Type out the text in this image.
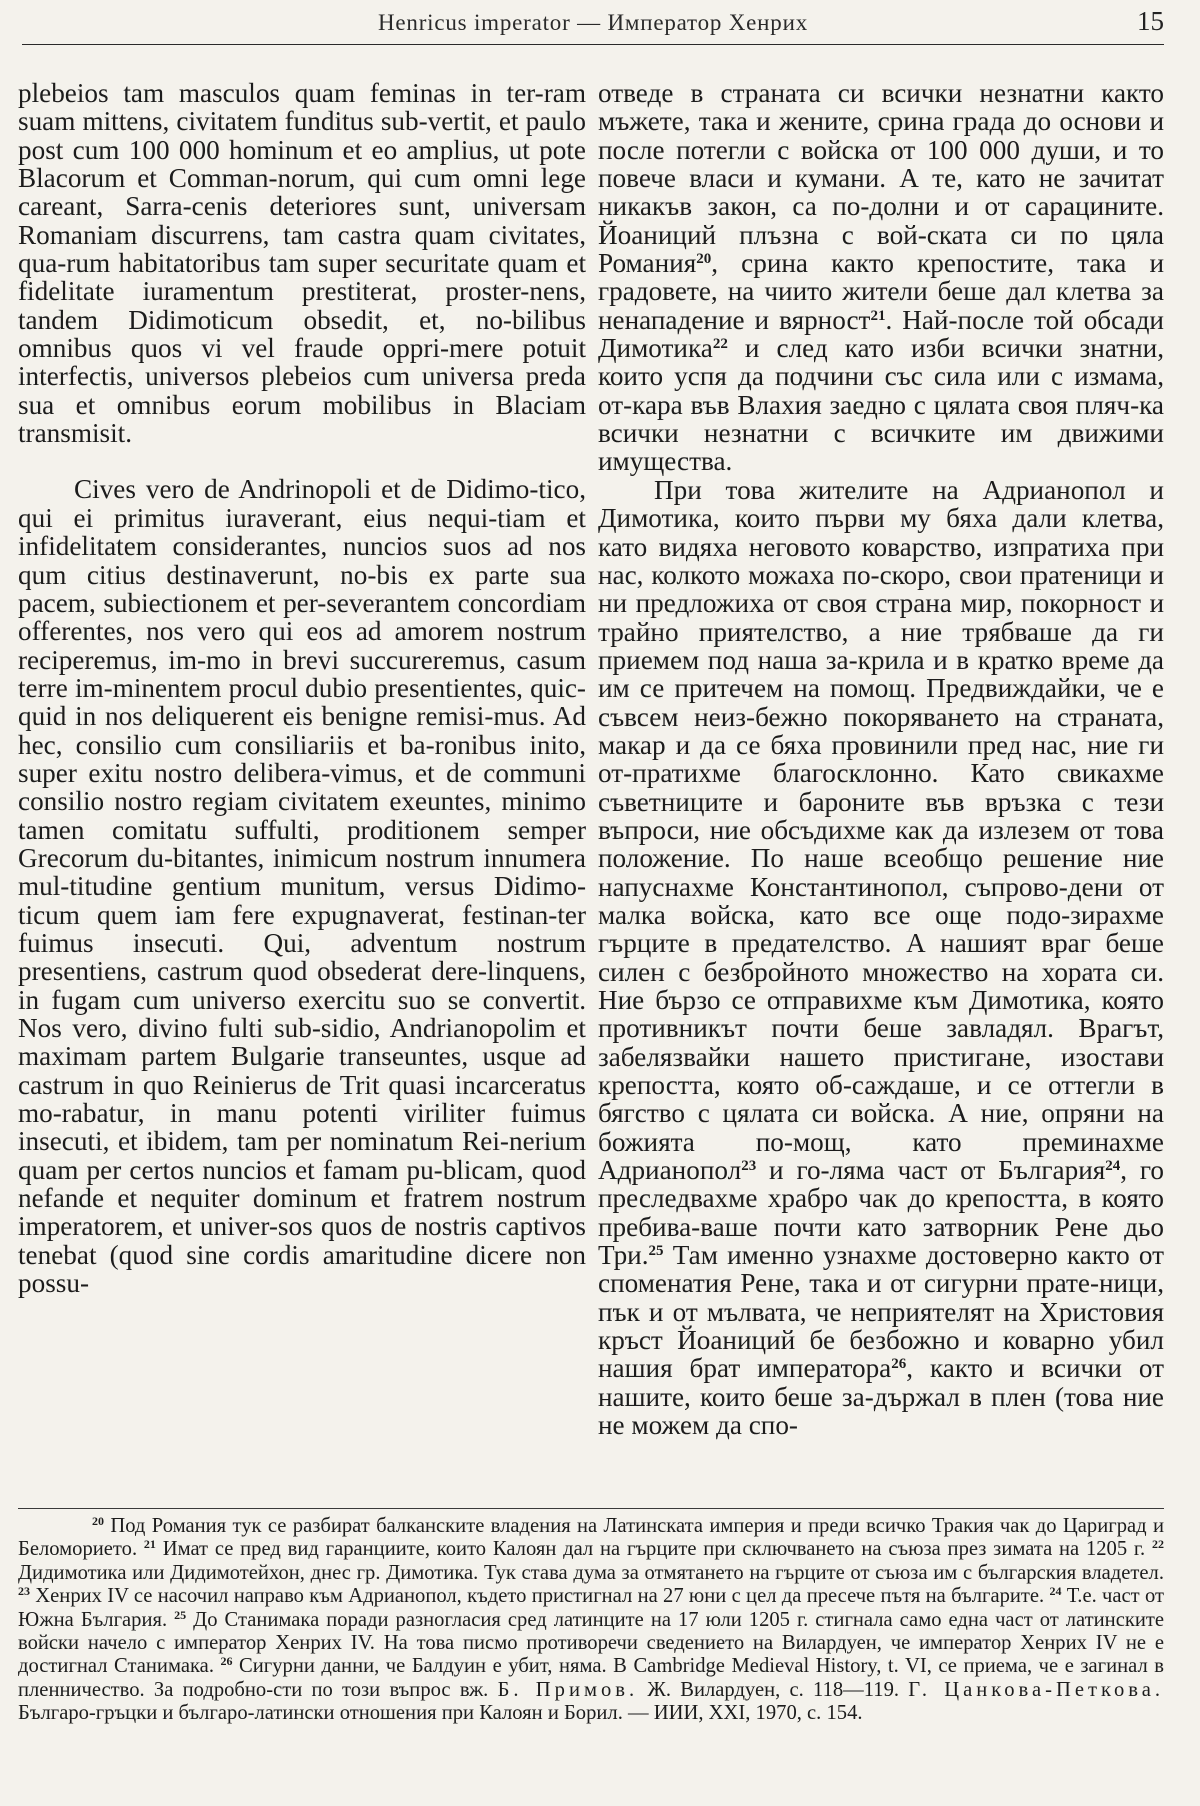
Henricus imperator — Император Хенрих	15

plebeios tam masculos quam feminas in ter-ram suam mittens, civitatem funditus sub-vertit, et paulo post cum 100 000 hominum et eo amplius, ut pote Blacorum et Comman-norum, qui cum omni lege careant, Sarra-cenis deteriores sunt, universam Romaniam discurrens, tam castra quam civitates, qua-rum habitatoribus tam super securitate quam et fidelitate iuramentum prestiterat, proster-nens, tandem Didimoticum obsedit, et, no-bilibus omnibus quos vi vel fraude oppri-mere potuit interfectis, universos plebeios cum universa preda sua et omnibus eorum mobilibus in Blaciam transmisit.

Cives vero de Andrinopoli et de Didimo-tico, qui ei primitus iuraverant, eius nequi-tiam et infidelitatem considerantes, nuncios suos ad nos qum citius destinaverunt, no-bis ex parte sua pacem, subiectionem et per-severantem concordiam offerentes, nos vero qui eos ad amorem nostrum reciperemus, im-mo in brevi succureremus, casum terre im-minentem procul dubio presentientes, quic-quid in nos deliquerent eis benigne remisi-mus. Ad hec, consilio cum consiliariis et ba-ronibus inito, super exitu nostro delibera-vimus, et de communi consilio nostro regiam civitatem exeuntes, minimo tamen comitatu suffulti, proditionem semper Grecorum du-bitantes, inimicum nostrum innumera mul-titudine gentium munitum, versus Didimo-ticum quem iam fere expugnaverat, festinan-ter fuimus insecuti. Qui, adventum nostrum presentiens, castrum quod obsederat dere-linquens, in fugam cum universo exercitu suo se convertit. Nos vero, divino fulti sub-sidio, Andrianopolim et maximam partem Bulgarie transeuntes, usque ad castrum in quo Reinierus de Trit quasi incarceratus mo-rabatur, in manu potenti viriliter fuimus insecuti, et ibidem, tam per nominatum Rei-nerium quam per certos nuncios et famam pu-blicam, quod nefande et nequiter dominum et fratrem nostrum imperatorem, et univer-sos quos de nostris captivos tenebat (quod sine cordis amaritudine dicere non possu-

отведе в страната си всички незнатни както мъжете, така и жените, срина града до основи и после потегли с войска от 100 000 души, и то повече власи и кумани. А те, като не зачитат никакъв закон, са по-долни и от сарацините. Йоаниций плъзна с вой-ската си по цяла Романия$^{20}$, срина както крепостите, така и градовете, на чиито жители беше дал клетва за ненападение и вярност$^{21}$. Най-после той обсади Димотика$^{22}$ и след като изби всички знатни, които успя да подчини със сила или с измама, от-кара във Влахия заедно с цялата своя пляч-ка всички незнатни с всичките им движими имущества.

При това жителите на Адрианопол и Димотика, които първи му бяха дали клетва, като видяха неговото коварство, изпратиха при нас, колкото можаха по-скоро, свои пратеници и ни предложиха от своя страна мир, покорност и трайно приятелство, а ние трябваше да ги приемем под наша за-крила и в кратко време да им се притечем на помощ. Предвиждайки, че е съвсем неиз-бежно покоряването на страната, макар и да се бяха провинили пред нас, ние ги от-пратихме благосклонно. Като свикахме съветниците и бароните във връзка с тези въпроси, ние обсъдихме как да излезем от това положение. По наше всеобщо решение ние напуснахме Константинопол, съпрово-дени от малка войска, като все още подо-зирахме гърците в предателство. А нашият враг беше силен с безбройното множество на хората си. Ние бързо се отправихме към Димотика, която противникът почти беше завладял. Врагът, забелязвайки нашето пристигане, изостави крепостта, която об-саждаше, и се оттегли в бягство с цялата си войска. А ние, опряни на божията по-мощ, като преминахме Адрианопол$^{23}$ и го-ляма част от България$^{24}$, го преследвахме храбро чак до крепостта, в която пребива-ваше почти като затворник Рене дьо Три.$^{25}$ Там именно узнахме достоверно както от споменатия Рене, така и от сигурни прате-ници, пък и от мълвата, че неприятелят на Христовия кръст Йоаниций бе безбожно и коварно убил нашия брат императора$^{26}$, както и всички от нашите, които беше за-държал в плен (това ние не можем да спо-

$^{20}$ Под Романия тук се разбират балканските владения на Латинската империя и преди всичко Тракия чак до Цариград и Беломорието. $^{21}$ Имат се пред вид гаранциите, които Калоян дал на гърците при сключването на съюза през зимата на 1205 г. $^{22}$ Дидимотика или Дидимотейхон, днес гр. Димотика. Тук става дума за отмятането на гърците от съюза им с българския владетел. $^{23}$ Хенрих IV се насочил направо към Адрианопол, където пристигнал на 27 юни с цел да пресече пътя на българите. $^{24}$ Т.е. част от Южна България. $^{25}$ До Станимака поради разногласия сред латинците на 17 юли 1205 г. стигнала само една част от латинските войски начело с император Хенрих IV. На това писмо противоречи сведението на Вилардуен, че император Хенрих IV не е достигнал Станимака. $^{26}$ Сигурни данни, че Балдуин е убит, няма. В Cambridge Medieval History, t. VI, се приема, че е загинал в пленничество. За подробно-сти по този въпрос вж. Б. Примов. Ж. Вилардуен, с. 118—119. Г. Цанкова-Петкова. Българо-гръцки и българо-латински отношения при Калоян и Борил. — ИИИ, XXI, 1970, с. 154.
